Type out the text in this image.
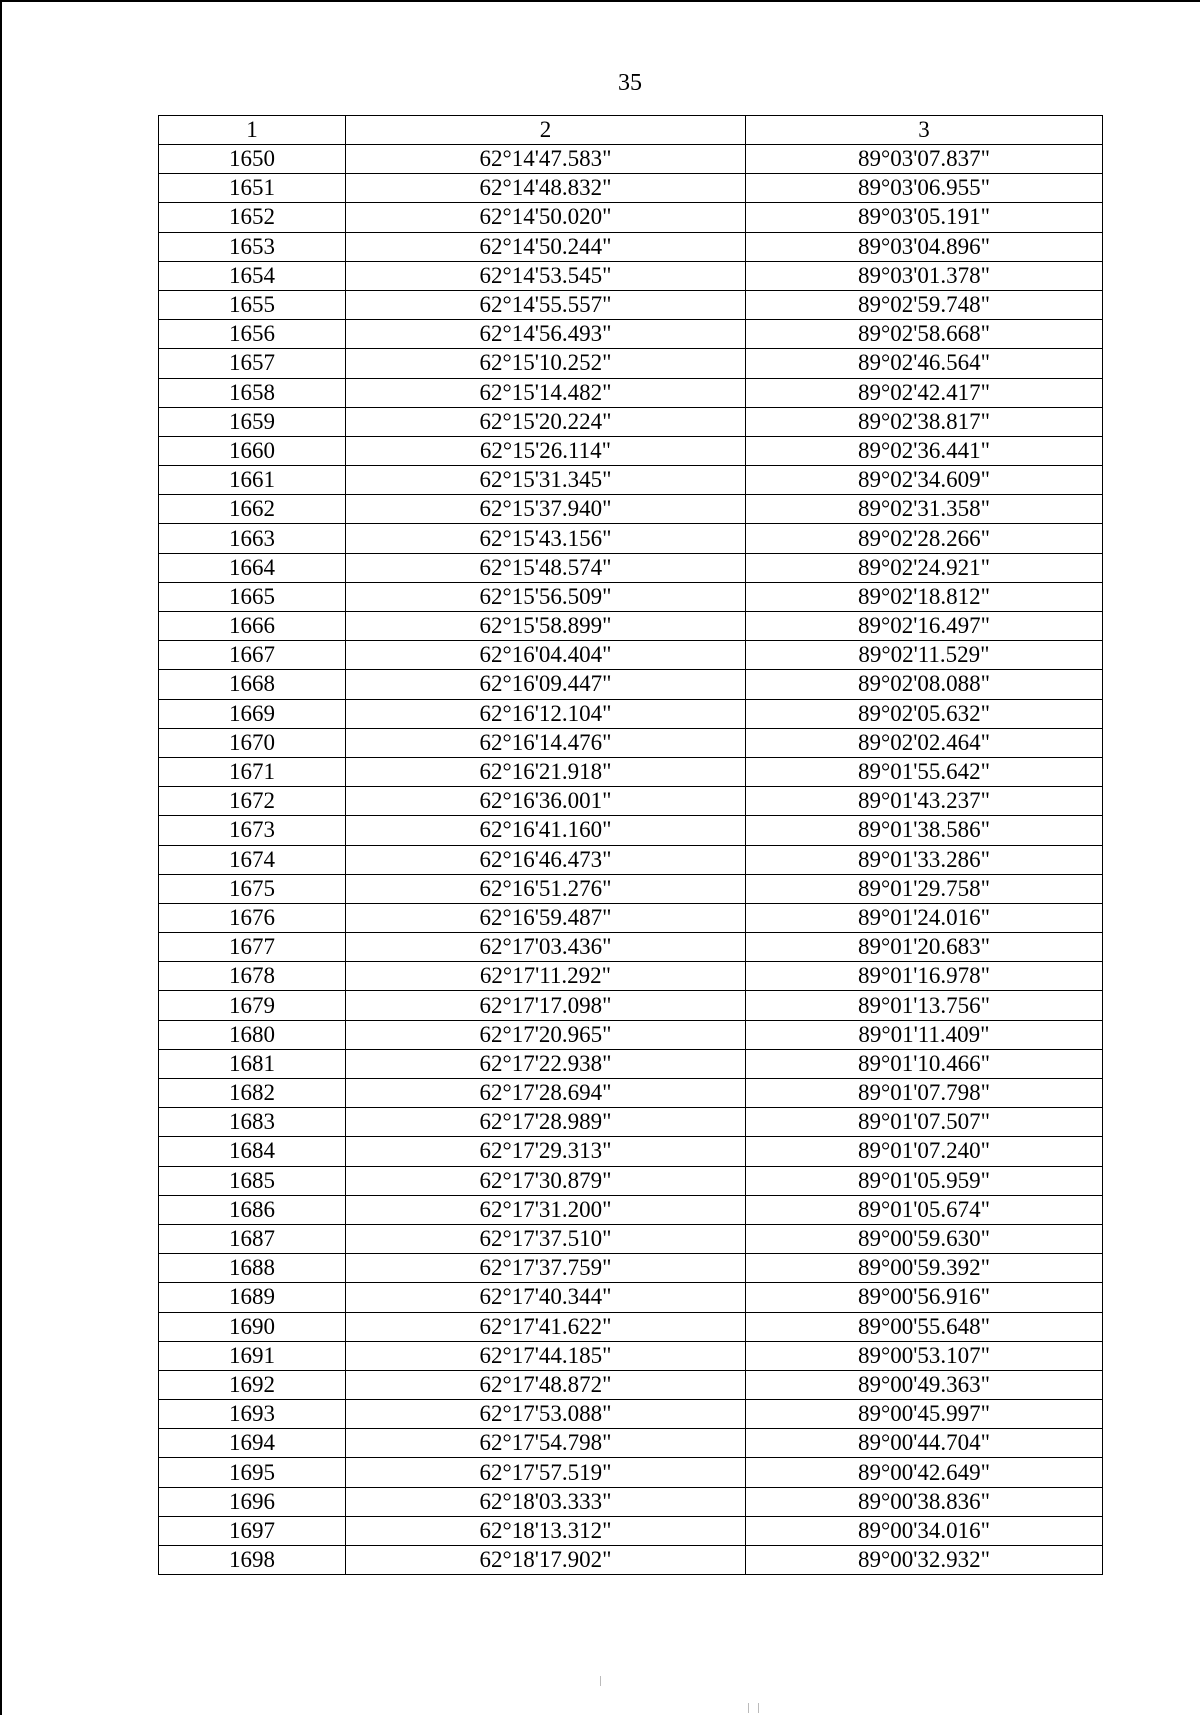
35
1	2	3
1650	62°14'47.583"	89°03'07.837"
1651	62°14'48.832"	89°03'06.955"
1652	62°14'50.020"	89°03'05.191"
1653	62°14'50.244"	89°03'04.896"
1654	62°14'53.545"	89°03'01.378"
1655	62°14'55.557"	89°02'59.748"
1656	62°14'56.493"	89°02'58.668"
1657	62°15'10.252"	89°02'46.564"
1658	62°15'14.482"	89°02'42.417"
1659	62°15'20.224"	89°02'38.817"
1660	62°15'26.114"	89°02'36.441"
1661	62°15'31.345"	89°02'34.609"
1662	62°15'37.940"	89°02'31.358"
1663	62°15'43.156"	89°02'28.266"
1664	62°15'48.574"	89°02'24.921"
1665	62°15'56.509"	89°02'18.812"
1666	62°15'58.899"	89°02'16.497"
1667	62°16'04.404"	89°02'11.529"
1668	62°16'09.447"	89°02'08.088"
1669	62°16'12.104"	89°02'05.632"
1670	62°16'14.476"	89°02'02.464"
1671	62°16'21.918"	89°01'55.642"
1672	62°16'36.001"	89°01'43.237"
1673	62°16'41.160"	89°01'38.586"
1674	62°16'46.473"	89°01'33.286"
1675	62°16'51.276"	89°01'29.758"
1676	62°16'59.487"	89°01'24.016"
1677	62°17'03.436"	89°01'20.683"
1678	62°17'11.292"	89°01'16.978"
1679	62°17'17.098"	89°01'13.756"
1680	62°17'20.965"	89°01'11.409"
1681	62°17'22.938"	89°01'10.466"
1682	62°17'28.694"	89°01'07.798"
1683	62°17'28.989"	89°01'07.507"
1684	62°17'29.313"	89°01'07.240"
1685	62°17'30.879"	89°01'05.959"
1686	62°17'31.200"	89°01'05.674"
1687	62°17'37.510"	89°00'59.630"
1688	62°17'37.759"	89°00'59.392"
1689	62°17'40.344"	89°00'56.916"
1690	62°17'41.622"	89°00'55.648"
1691	62°17'44.185"	89°00'53.107"
1692	62°17'48.872"	89°00'49.363"
1693	62°17'53.088"	89°00'45.997"
1694	62°17'54.798"	89°00'44.704"
1695	62°17'57.519"	89°00'42.649"
1696	62°18'03.333"	89°00'38.836"
1697	62°18'13.312"	89°00'34.016"
1698	62°18'17.902"	89°00'32.932"
